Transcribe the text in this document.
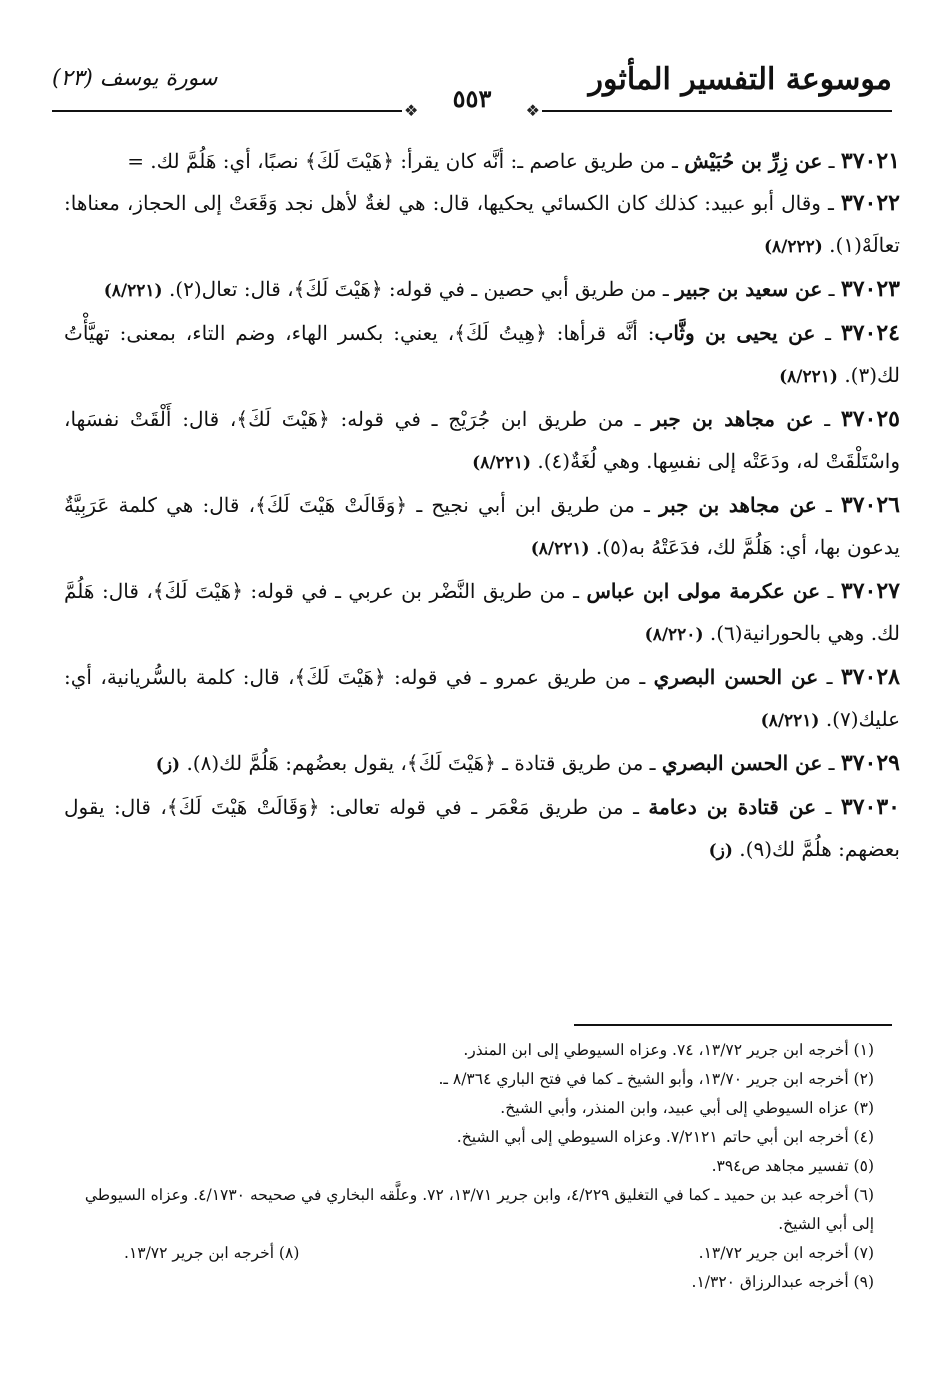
موسوعة التفسير المأثور
سورة يوسف (٢٣)
❖
❖	٥٥٣
٣٧٠٢١ ـ عن زِرِّ بن حُبَيْش ـ من طريق عاصم ـ: أنَّه كان يقرأ: ﴿هَيْتَ لَكَ﴾ نصبًا، أي: هَلُمَّ لك. =
٣٧٠٢٢ ـ وقال أبو عبيد: كذلك كان الكسائي يحكيها، قال: هي لغةٌ لأهل نجد وَقَعَتْ إلى الحجاز، معناها: تعالَهْ(١). (٨/٢٢٢)
٣٧٠٢٣ ـ عن سعيد بن جبير ـ من طريق أبي حصين ـ في قوله: ﴿هَيْتَ لَكَ﴾، قال: تعال(٢). (٨/٢٢١)
٣٧٠٢٤ ـ عن يحيى بن وثَّاب: أنَّه قرأها: ﴿هِيتُ لَكَ﴾، يعني: بكسر الهاء، وضم التاء، بمعنى: تهيَّأْتُ لك(٣). (٨/٢٢١)
٣٧٠٢٥ ـ عن مجاهد بن جبر ـ من طريق ابن جُرَيْج ـ في قوله: ﴿هَيْتَ لَكَ﴾، قال: أَلْقَتْ نفسَها، واسْتَلْقَتْ له، ودَعَتْه إلى نفسِها. وهي لُغَةٌ(٤). (٨/٢٢١)
٣٧٠٢٦ ـ عن مجاهد بن جبر ـ من طريق ابن أبي نجيح ـ ﴿وَقَالَتْ هَيْتَ لَكَ﴾، قال: هي كلمة عَرَبِيَّةٌ يدعون بها، أي: هَلُمَّ لك، فدَعَتْهُ به(٥). (٨/٢٢١)
٣٧٠٢٧ ـ عن عكرمة مولى ابن عباس ـ من طريق النَّضْر بن عربي ـ في قوله: ﴿هَيْتَ لَكَ﴾، قال: هَلُمَّ لك. وهي بالحورانية(٦). (٨/٢٢٠)
٣٧٠٢٨ ـ عن الحسن البصري ـ من طريق عمرو ـ في قوله: ﴿هَيْتَ لَكَ﴾، قال: كلمة بالسُّريانية، أي: عليك(٧). (٨/٢٢١)
٣٧٠٢٩ ـ عن الحسن البصري ـ من طريق قتادة ـ ﴿هَيْتَ لَكَ﴾، يقول بعضُهم: هَلُمَّ لك(٨). (ز)
٣٧٠٣٠ ـ عن قتادة بن دعامة ـ من طريق مَعْمَر ـ في قوله تعالى: ﴿وَقَالَتْ هَيْتَ لَكَ﴾، قال: يقول بعضهم: هلُمَّ لك(٩). (ز)
(١) أخرجه ابن جرير ١٣/٧٢، ٧٤. وعزاه السيوطي إلى ابن المنذر.
(٢) أخرجه ابن جرير ١٣/٧٠، وأبو الشيخ ـ كما في فتح الباري ٨/٣٦٤ ـ.
(٣) عزاه السيوطي إلى أبي عبيد، وابن المنذر، وأبي الشيخ.
(٤) أخرجه ابن أبي حاتم ٧/٢١٢١. وعزاه السيوطي إلى أبي الشيخ.
(٥) تفسير مجاهد ص٣٩٤.
(٦) أخرجه عبد بن حميد ـ كما في التغليق ٤/٢٢٩، وابن جرير ١٣/٧١، ٧٢. وعلَّقه البخاري في صحيحه ٤/١٧٣٠. وعزاه السيوطي إلى أبي الشيخ.
(٧) أخرجه ابن جرير ١٣/٧٢.
(٨) أخرجه ابن جرير ١٣/٧٢.
(٩) أخرجه عبدالرزاق ١/٣٢٠.
